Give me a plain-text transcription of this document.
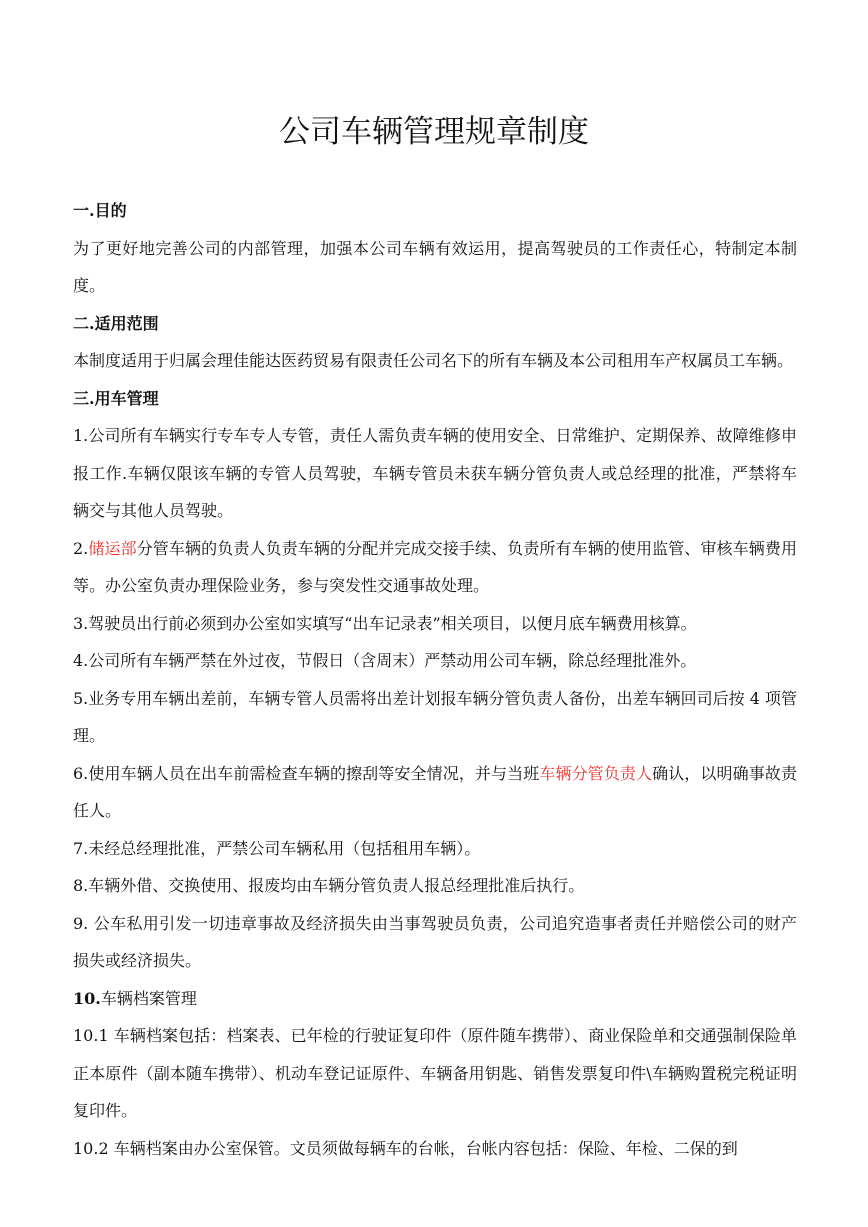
公司车辆管理规章制度

一.目的

为了更好地完善公司的内部管理，加强本公司车辆有效运用，提高驾驶员的工作责任心，特制定本制度。

二.适用范围

本制度适用于归属会理佳能达医药贸易有限责任公司名下的所有车辆及本公司租用车产权属员工车辆。

三.用车管理

1.公司所有车辆实行专车专人专管，责任人需负责车辆的使用安全、日常维护、定期保养、故障维修申报工作.车辆仅限该车辆的专管人员驾驶，车辆专管员未获车辆分管负责人或总经理的批准，严禁将车辆交与其他人员驾驶。

2.储运部分管车辆的负责人负责车辆的分配并完成交接手续、负责所有车辆的使用监管、审核车辆费用等。办公室负责办理保险业务，参与突发性交通事故处理。

3.驾驶员出行前必须到办公室如实填写“出车记录表”相关项目，以便月底车辆费用核算。

4.公司所有车辆严禁在外过夜，节假日（含周末）严禁动用公司车辆，除总经理批准外。

5.业务专用车辆出差前，车辆专管人员需将出差计划报车辆分管负责人备份，出差车辆回司后按 4 项管理。

6.使用车辆人员在出车前需检查车辆的擦刮等安全情况，并与当班车辆分管负责人确认，以明确事故责任人。

7.未经总经理批准，严禁公司车辆私用（包括租用车辆）。

8.车辆外借、交换使用、报废均由车辆分管负责人报总经理批准后执行。

9. 公车私用引发一切违章事故及经济损失由当事驾驶员负责，公司追究造事者责任并赔偿公司的财产损失或经济损失。

10.车辆档案管理

10.1 车辆档案包括：档案表、已年检的行驶证复印件（原件随车携带）、商业保险单和交通强制保险单正本原件（副本随车携带）、机动车登记证原件、车辆备用钥匙、销售发票复印件\车辆购置税完税证明复印件。

10.2 车辆档案由办公室保管。文员须做每辆车的台帐，台帐内容包括：保险、年检、二保的到
